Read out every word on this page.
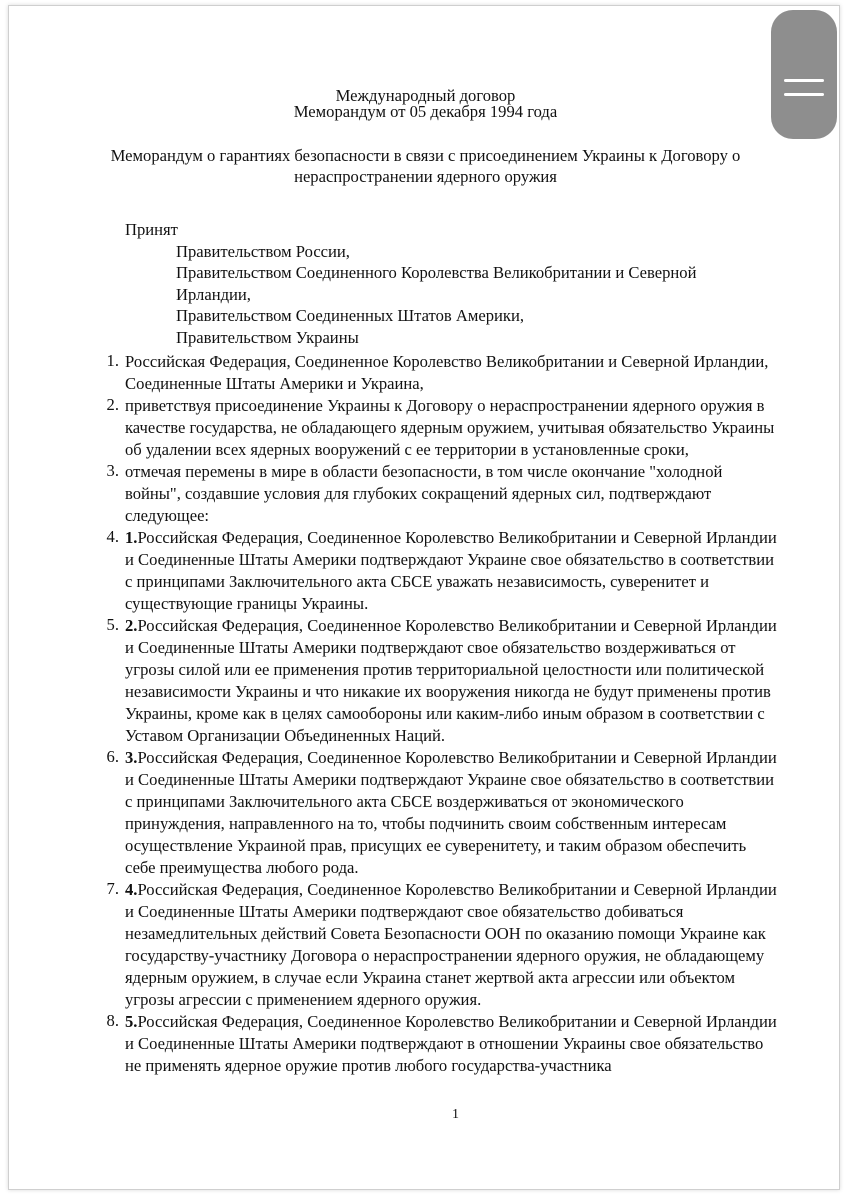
Международный договор
Меморандум от 05 декабря 1994 года
Меморандум о гарантиях безопасности в связи с присоединением Украины к Договору о
нераспространении ядерного оружия
Принят
Правительством России,
Правительством Соединенного Королевства Великобритании и Северной
Ирландии,
Правительством Соединенных Штатов Америки,
Правительством Украины
1. Российская Федерация, Соединенное Королевство Великобритании и Северной Ирландии, Соединенные Штаты Америки и Украина,
2. приветствуя присоединение Украины к Договору о нераспространении ядерного оружия в качестве государства, не обладающего ядерным оружием, учитывая обязательство Украины об удалении всех ядерных вооружений с ее территории в установленные сроки,
3. отмечая перемены в мире в области безопасности, в том числе окончание "холодной войны", создавшие условия для глубоких сокращений ядерных сил, подтверждают следующее:
4. 1.Российская Федерация, Соединенное Королевство Великобритании и Северной Ирландии и Соединенные Штаты Америки подтверждают Украине свое обязательство в соответствии с принципами Заключительного акта СБСЕ уважать независимость, суверенитет и существующие границы Украины.
5. 2.Российская Федерация, Соединенное Королевство Великобритании и Северной Ирландии и Соединенные Штаты Америки подтверждают свое обязательство воздерживаться от угрозы силой или ее применения против территориальной целостности или политической независимости Украины и что никакие их вооружения никогда не будут применены против Украины, кроме как в целях самообороны или каким-либо иным образом в соответствии с Уставом Организации Объединенных Наций.
6. 3.Российская Федерация, Соединенное Королевство Великобритании и Северной Ирландии и Соединенные Штаты Америки подтверждают Украине свое обязательство в соответствии с принципами Заключительного акта СБСЕ воздерживаться от экономического принуждения, направленного на то, чтобы подчинить своим собственным интересам осуществление Украиной прав, присущих ее суверенитету, и таким образом обеспечить себе преимущества любого рода.
7. 4.Российская Федерация, Соединенное Королевство Великобритании и Северной Ирландии и Соединенные Штаты Америки подтверждают свое обязательство добиваться незамедлительных действий Совета Безопасности ООН по оказанию помощи Украине как государству-участнику Договора о нераспространении ядерного оружия, не обладающему ядерным оружием, в случае если Украина станет жертвой акта агрессии или объектом угрозы агрессии с применением ядерного оружия.
8. 5.Российская Федерация, Соединенное Королевство Великобритании и Северной Ирландии и Соединенные Штаты Америки подтверждают в отношении Украины свое обязательство не применять ядерное оружие против любого государства-участника
1
